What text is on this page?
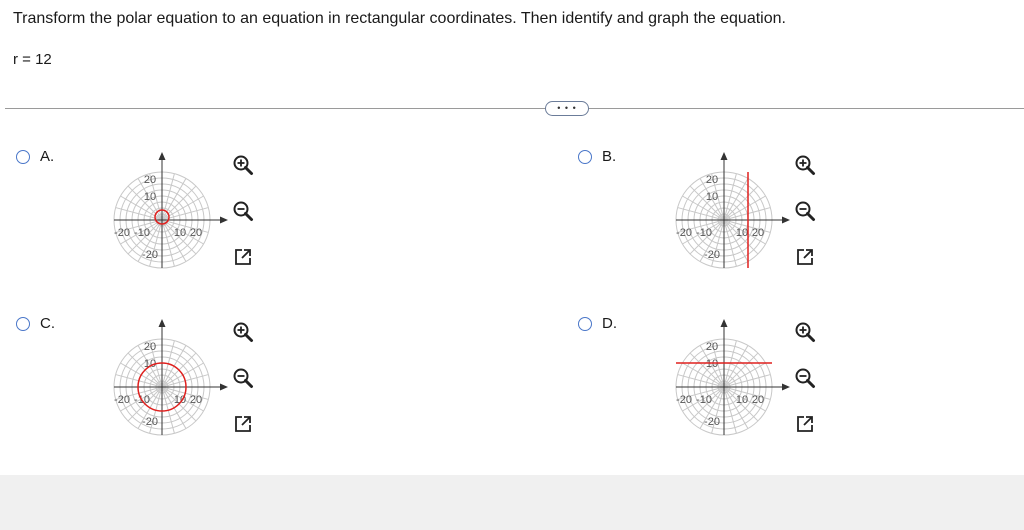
Transform the polar equation to an equation in rectangular coordinates. Then identify and graph the equation.
r = 12
• • •
A.
20
10
-20 -10 10 20
-20
B.
20
10
-20 -10 10 20
-20
C.
20
10
-20 -10 10 20
-20
D.
20
10
-20 -10 10 20
-20
